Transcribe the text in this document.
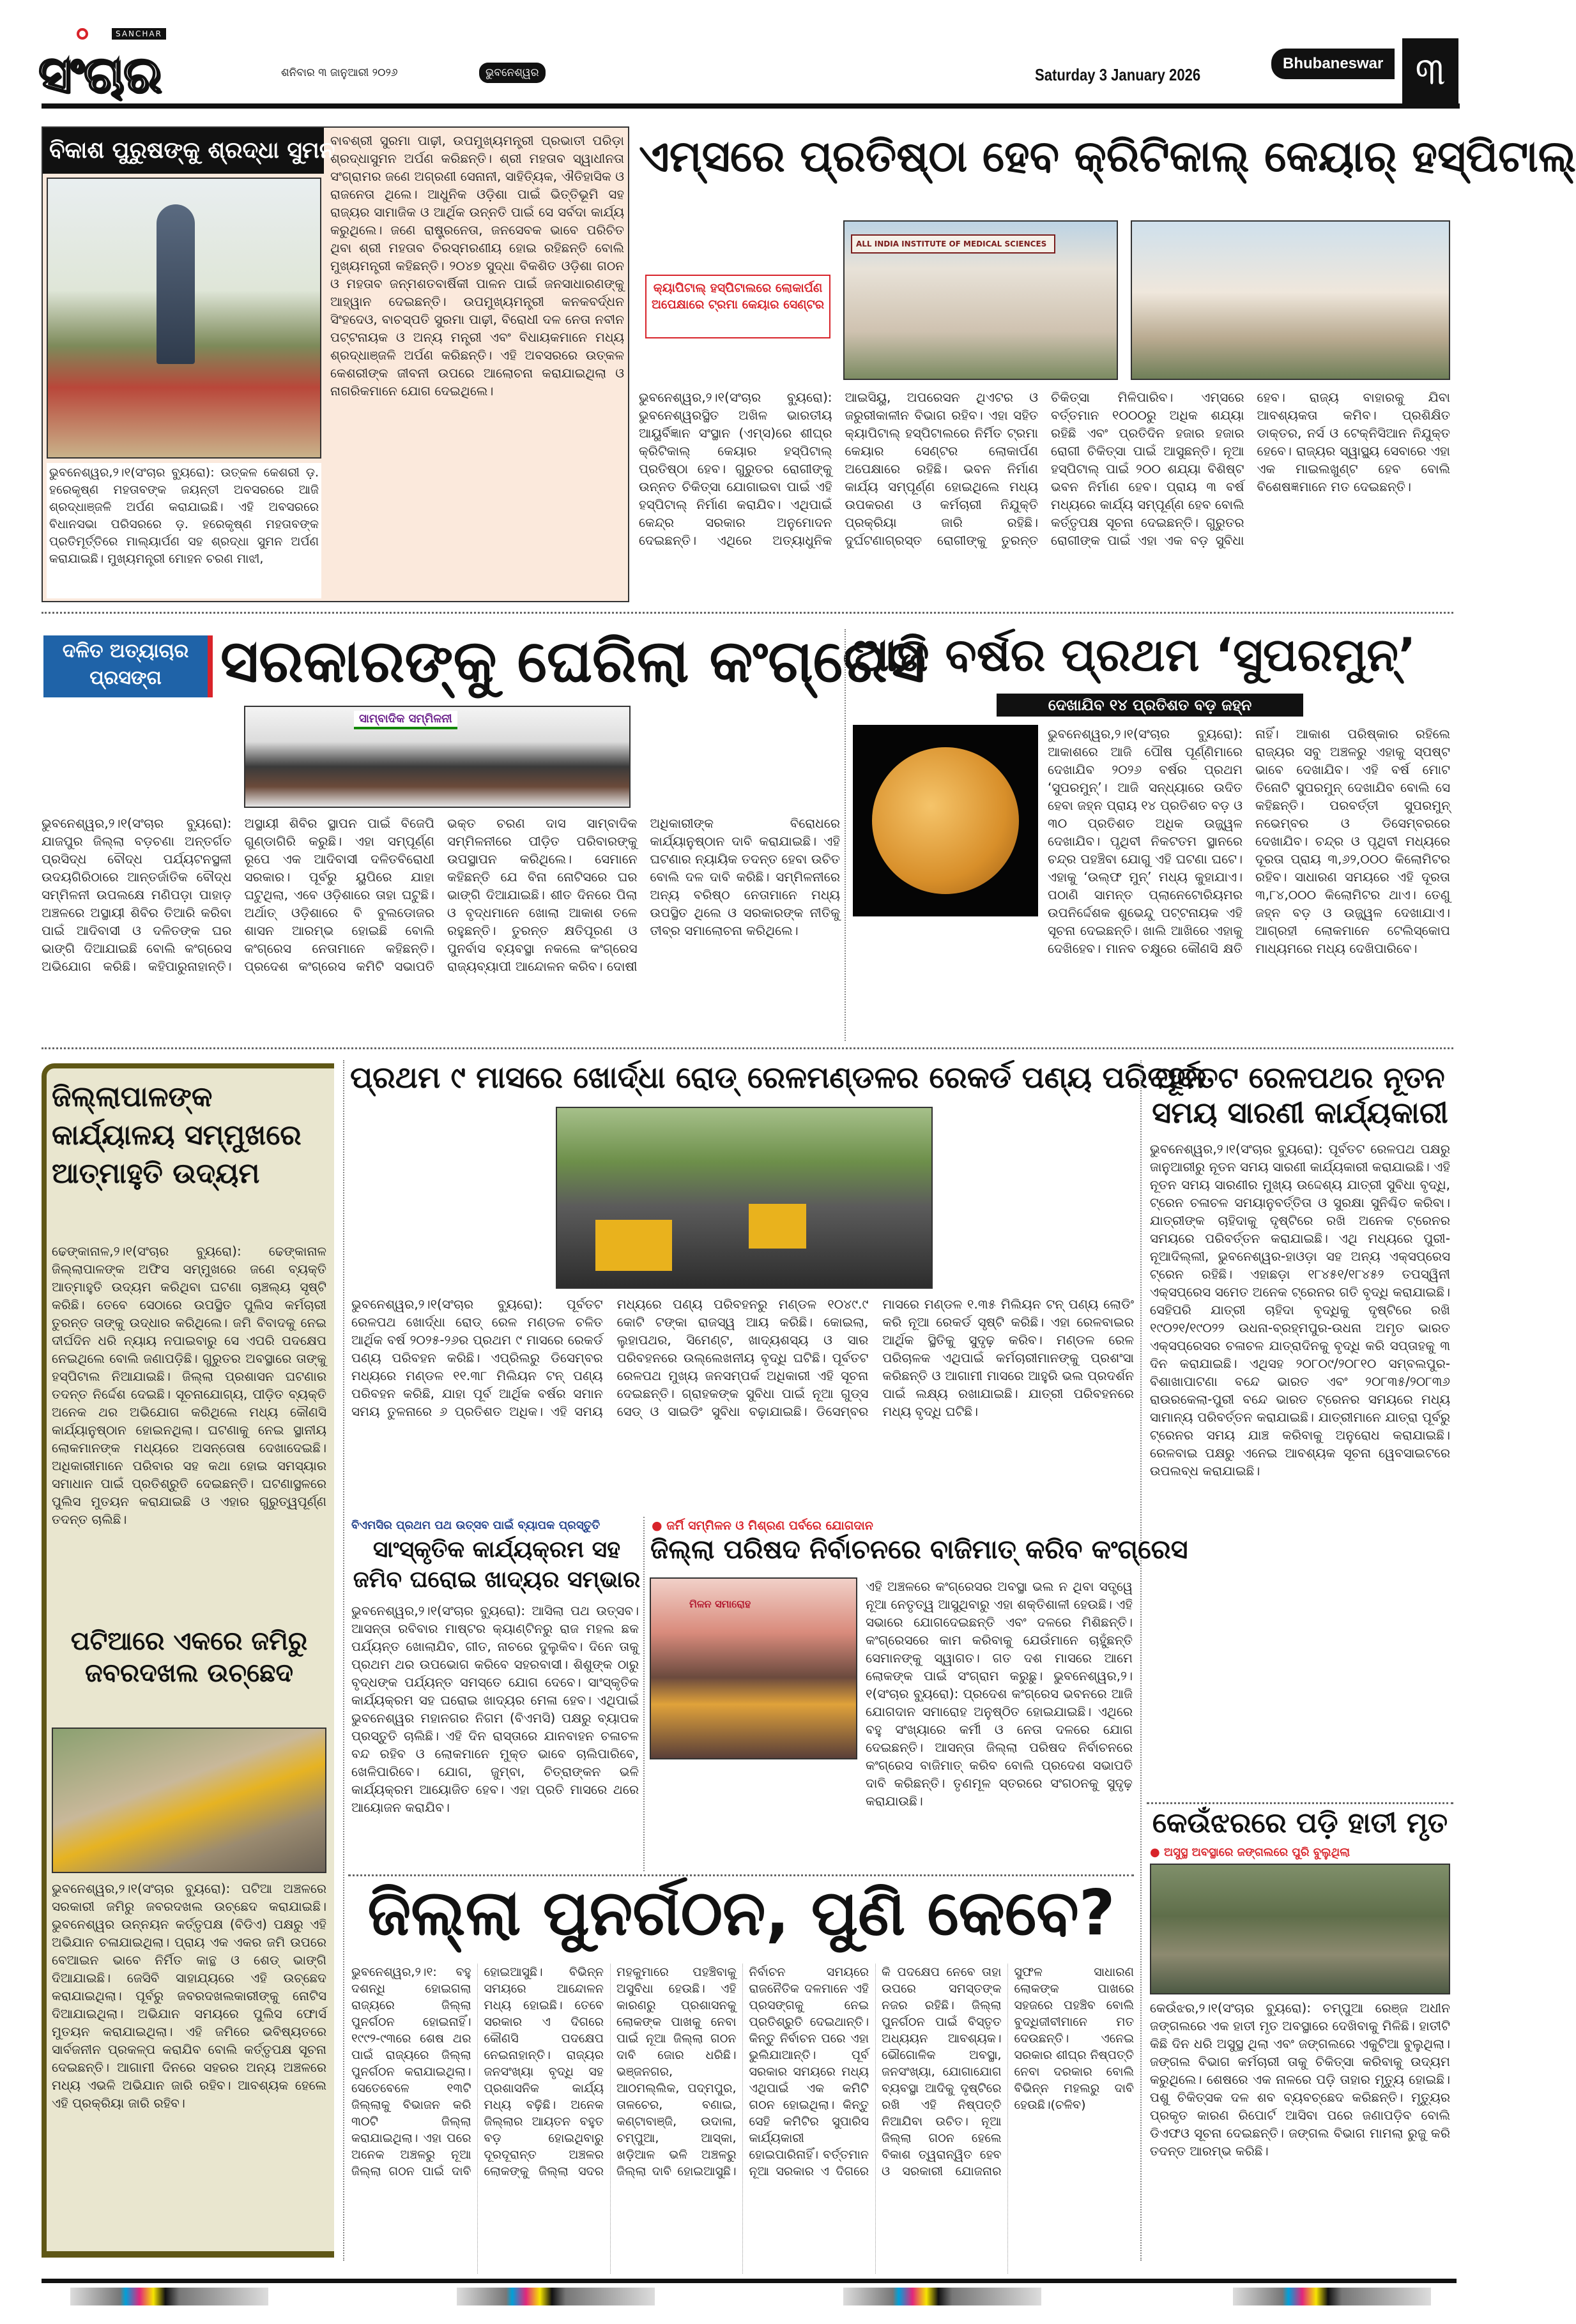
SANCHAR
ସଂଚାର	ଶନିବାର ୩ ଜାନୁଆରୀ ୨୦୨୬	ଭୁବନେଶ୍ୱର	Saturday 3 January 2026
Bhubaneswar ୩
ବିକାଶ ପୁରୁଷଙ୍କୁ ଶ୍ରଦ୍ଧା ସୁମନ
ଭୁବନେଶ୍ୱର,୨।୧(ସଂଚାର ବ୍ୟୁରୋ): ଉତ୍କଳ କେଶରୀ ଡ଼. ହରେକୃଷ୍ଣ ମହତାବଙ୍କ ଜୟନ୍ତୀ ଅବସରରେ ଆଜି ଶ୍ରଦ୍ଧାଞ୍ଜଳି ଅର୍ପଣ କରାଯାଇଛି। ଏହି ଅବସରରେ ବିଧାନସଭା ପରିସରରେ ଡ଼. ହରେକୃଷ୍ଣ ମହତାବଙ୍କ ପ୍ରତିମୂର୍ତ୍ତିରେ ମାଲ୍ୟାର୍ପଣ ସହ ଶ୍ରଦ୍ଧା ସୁମନ ଅର୍ପଣ କରାଯାଇଛି। ମୁଖ୍ୟମନ୍ତ୍ରୀ ମୋହନ ଚରଣ ମାଝୀ,
ବାବଶ୍ରୀ ସୁରମା ପାଢ଼ୀ, ଉପମୁଖ୍ୟମନ୍ତ୍ରୀ ପ୍ରଭାତୀ ପରିଡ଼ା ଶ୍ରଦ୍ଧାସୁମନ ଅର୍ପଣ କରିଛନ୍ତି। ଶ୍ରୀ ମହତାବ ସ୍ୱାଧୀନତା ସଂଗ୍ରାମର ଜଣେ ଅଗ୍ରଣୀ ସେନାନୀ, ସାହିତ୍ୟିକ, ଐତିହାସିକ ଓ ରାଜନେତା ଥିଲେ। ଆଧୁନିକ ଓଡ଼ିଶା ପାଇଁ ଭିତ୍ତିଭୂମି ସହ ରାଜ୍ୟର ସାମାଜିକ ଓ ଆର୍ଥିକ ଉନ୍ନତି ପାଇଁ ସେ ସର୍ବଦା କାର୍ଯ୍ୟ କରୁଥିଲେ। ଜଣେ ରାଷ୍ଟ୍ରନେତା, ଜନସେବକ ଭାବେ ପରିଚିତ ଥିବା ଶ୍ରୀ ମହତାବ ଚିରସ୍ମରଣୀୟ ହୋଇ ରହିଛନ୍ତି ବୋଲି ମୁଖ୍ୟମନ୍ତ୍ରୀ କହିଛନ୍ତି। ୨୦୪୭ ସୁଦ୍ଧା ବିକଶିତ ଓଡ଼ିଶା ଗଠନ ଓ ମହତାବ ଜନ୍ମଶତବାର୍ଷିକୀ ପାଳନ ପାଇଁ ଜନସାଧାରଣଙ୍କୁ ଆହ୍ୱାନ ଦେଇଛନ୍ତି। ଉପମୁଖ୍ୟମନ୍ତ୍ରୀ କନକବର୍ଦ୍ଧନ ସିଂହଦେଓ, ବାଚସ୍ପତି ସୁରମା ପାଢ଼ୀ, ବିରୋଧୀ ଦଳ ନେତା ନବୀନ ପଟ୍ଟନାୟକ ଓ ଅନ୍ୟ ମନ୍ତ୍ରୀ ଏବଂ ବିଧାୟକମାନେ ମଧ୍ୟ ଶ୍ରଦ୍ଧାଞ୍ଜଳି ଅର୍ପଣ କରିଛନ୍ତି। ଏହି ଅବସରରେ ଉତ୍କଳ କେଶରୀଙ୍କ ଜୀବନୀ ଉପରେ ଆଲୋଚନା କରାଯାଇଥିଲା ଓ ନାଗରିକମାନେ ଯୋଗ ଦେଇଥିଲେ।
ଏମ୍ସରେ ପ୍ରତିଷ୍ଠା ହେବ କ୍ରିଟିକାଲ୍ କେୟାର୍ ହସ୍ପିଟାଲ୍
କ୍ୟାପିଟାଲ୍ ହସ୍ପିଟାଲରେ ଲୋକାର୍ପଣ ଅପେକ୍ଷାରେ ଟ୍ରମା କେୟାର ସେଣ୍ଟର
ALL INDIA INSTITUTE OF MEDICAL SCIENCES
ଭୁବନେଶ୍ୱର,୨।୧(ସଂଚାର ବ୍ୟୁରୋ): ଭୁବନେଶ୍ୱରସ୍ଥିତ ଅଖିଳ ଭାରତୀୟ ଆୟୁର୍ବିଜ୍ଞାନ ସଂସ୍ଥାନ (ଏମ୍ସ)ରେ ଶୀଘ୍ର କ୍ରିଟିକାଲ୍ କେୟାର ହସ୍ପିଟାଲ୍ ପ୍ରତିଷ୍ଠା ହେବ। ଗୁରୁତର ରୋଗୀଙ୍କୁ ଉନ୍ନତ ଚିକିତ୍ସା ଯୋଗାଇବା ପାଇଁ ଏହି ହସ୍ପିଟାଲ୍ ନିର୍ମାଣ କରାଯିବ। ଏଥିପାଇଁ କେନ୍ଦ୍ର ସରକାର ଅନୁମୋଦନ ଦେଇଛନ୍ତି। ଏଥିରେ ଅତ୍ୟାଧୁନିକ ଆଇସିୟୁ, ଅପରେସନ ଥିଏଟର ଓ ଜରୁରୀକାଳୀନ ବିଭାଗ ରହିବ। ଏହା ସହିତ କ୍ୟାପିଟାଲ୍ ହସ୍ପିଟାଲରେ ନିର୍ମିତ ଟ୍ରମା କେୟାର ସେଣ୍ଟର ଲୋକାର୍ପଣ ଅପେକ୍ଷାରେ ରହିଛି। ଭବନ ନିର୍ମାଣ କାର୍ଯ୍ୟ ସମ୍ପୂର୍ଣ୍ଣ ହୋଇଥିଲେ ମଧ୍ୟ ଉପକରଣ ଓ କର୍ମଚାରୀ ନିଯୁକ୍ତି ପ୍ରକ୍ରିୟା ଜାରି ରହିଛି। ଦୁର୍ଘଟଣାଗ୍ରସ୍ତ ରୋଗୀଙ୍କୁ ତୁରନ୍ତ ଚିକିତ୍ସା ମିଳିପାରିବ। ଏମ୍ସରେ ବର୍ତ୍ତମାନ ୧୦୦୦ରୁ ଅଧିକ ଶଯ୍ୟା ରହିଛି ଏବଂ ପ୍ରତିଦିନ ହଜାର ହଜାର ରୋଗୀ ଚିକିତ୍ସା ପାଇଁ ଆସୁଛନ୍ତି। ନୂଆ ହସ୍ପିଟାଲ୍ ପାଇଁ ୨୦୦ ଶଯ୍ୟା ବିଶିଷ୍ଟ ଭବନ ନିର୍ମାଣ ହେବ। ପ୍ରାୟ ୩ ବର୍ଷ ମଧ୍ୟରେ କାର୍ଯ୍ୟ ସମ୍ପୂର୍ଣ୍ଣ ହେବ ବୋଲି କର୍ତ୍ତୃପକ୍ଷ ସୂଚନା ଦେଇଛନ୍ତି। ଗୁରୁତର ରୋଗୀଙ୍କ ପାଇଁ ଏହା ଏକ ବଡ଼ ସୁବିଧା ହେବ। ରାଜ୍ୟ ବାହାରକୁ ଯିବା ଆବଶ୍ୟକତା କମିବ। ପ୍ରଶିକ୍ଷିତ ଡାକ୍ତର, ନର୍ସ ଓ ଟେକ୍ନିସିଆନ ନିଯୁକ୍ତ ହେବେ। ରାଜ୍ୟର ସ୍ୱାସ୍ଥ୍ୟ ସେବାରେ ଏହା ଏକ ମାଇଲଖୁଣ୍ଟ ହେବ ବୋଲି ବିଶେଷଜ୍ଞମାନେ ମତ ଦେଇଛନ୍ତି।
ଦଳିତ ଅତ୍ୟାଚାର ପ୍ରସଙ୍ଗ	ସରକାରଙ୍କୁ ଘେରିଲା କଂଗ୍ରେସ
ସାମ୍ବାଦିକ ସମ୍ମିଳନୀ
ଭୁବନେଶ୍ୱର,୨।୧(ସଂଚାର ବ୍ୟୁରୋ): ଯାଜପୁର ଜିଲ୍ଲା ବଡ଼ଚଣା ଅନ୍ତର୍ଗତ ପ୍ରସିଦ୍ଧ ବୌଦ୍ଧ ପର୍ଯ୍ୟଟନସ୍ଥଳୀ ଉଦୟଗିରିଠାରେ ଆନ୍ତର୍ଜାତିକ ବୌଦ୍ଧ ସମ୍ମିଳନୀ ଉପଲକ୍ଷେ ମଣିପଡ଼ା ପାହାଡ଼ ଅଞ୍ଚଳରେ ଅସ୍ଥାୟୀ ଶିବିର ତିଆରି କରିବା ପାଇଁ ଆଦିବାସୀ ଓ ଦଳିତଙ୍କ ଘର ଭାଙ୍ଗି ଦିଆଯାଇଛି ବୋଲି କଂଗ୍ରେସ ଅଭିଯୋଗ କରିଛି। କହିପାରୁନାହାନ୍ତି। ଅସ୍ଥାୟୀ ଶିବିର ସ୍ଥାପନ ପାଇଁ ବିଜେପି ଗୁଣ୍ଡାଗିରି କରୁଛି। ଏହା ସମ୍ପୂର୍ଣ୍ଣ ରୂପେ ଏକ ଆଦିବାସୀ ଦଳିତବିରୋଧୀ ସରକାର। ପୂର୍ବରୁ ୟୁପିରେ ଯାହା ଘଟୁଥିଲା, ଏବେ ଓଡ଼ିଶାରେ ତାହା ଘଟୁଛି। ଅର୍ଥାତ୍ ଓଡ଼ିଶାରେ ବି ବୁଲଡୋଜର ଶାସନ ଆରମ୍ଭ ହୋଇଛି ବୋଲି କଂଗ୍ରେସ ନେତାମାନେ କହିଛନ୍ତି। ପ୍ରଦେଶ କଂଗ୍ରେସ କମିଟି ସଭାପତି ଭକ୍ତ ଚରଣ ଦାସ ସାମ୍ବାଦିକ ସମ୍ମିଳନୀରେ ପୀଡ଼ିତ ପରିବାରଙ୍କୁ ଉପସ୍ଥାପନ କରିଥିଲେ। ସେମାନେ କହିଛନ୍ତି ଯେ ବିନା ନୋଟିସରେ ଘର ଭାଙ୍ଗି ଦିଆଯାଇଛି। ଶୀତ ଦିନରେ ପିଲା ଓ ବୃଦ୍ଧମାନେ ଖୋଲା ଆକାଶ ତଳେ ରହୁଛନ୍ତି। ତୁରନ୍ତ କ୍ଷତିପୂରଣ ଓ ପୁନର୍ବାସ ବ୍ୟବସ୍ଥା ନକଲେ କଂଗ୍ରେସ ରାଜ୍ୟବ୍ୟାପୀ ଆନ୍ଦୋଳନ କରିବ। ଦୋଷୀ ଅଧିକାରୀଙ୍କ ବିରୋଧରେ କାର୍ଯ୍ୟାନୁଷ୍ଠାନ ଦାବି କରାଯାଇଛି। ଏହି ଘଟଣାର ନ୍ୟାୟିକ ତଦନ୍ତ ହେବା ଉଚିତ ବୋଲି ଦଳ ଦାବି କରିଛି। ସମ୍ମିଳନୀରେ ଅନ୍ୟ ବରିଷ୍ଠ ନେତାମାନେ ମଧ୍ୟ ଉପସ୍ଥିତ ଥିଲେ ଓ ସରକାରଙ୍କ ନୀତିକୁ ତୀବ୍ର ସମାଲୋଚନା କରିଥିଲେ।
ଆଜି ବର୍ଷର ପ୍ରଥମ ‘ସୁପରମୁନ୍’
ଦେଖାଯିବ ୧୪ ପ୍ରତିଶତ ବଡ଼ ଜହ୍ନ
ଭୁବନେଶ୍ୱର,୨।୧(ସଂଚାର ବ୍ୟୁରୋ): ଆକାଶରେ ଆଜି ପୌଷ ପୂର୍ଣ୍ଣିମାରେ ଦେଖାଯିବ ୨୦୨୬ ବର୍ଷର ପ୍ରଥମ ‘ସୁପରମୁନ୍’। ଆଜି ସନ୍ଧ୍ୟାରେ ଉଦିତ ହେବା ଜହ୍ନ ପ୍ରାୟ ୧୪ ପ୍ରତିଶତ ବଡ଼ ଓ ୩୦ ପ୍ରତିଶତ ଅଧିକ ଉଜ୍ଜ୍ୱଳ ଦେଖାଯିବ। ପୃଥିବୀ ନିକଟତମ ସ୍ଥାନରେ ଚନ୍ଦ୍ର ପହଞ୍ଚିବା ଯୋଗୁ ଏହି ଘଟଣା ଘଟେ। ଏହାକୁ ‘ଉଲ୍ଫ ମୁନ୍’ ମଧ୍ୟ କୁହାଯାଏ। ପଠାଣି ସାମନ୍ତ ପ୍ଲାନେଟୋରିୟମର ଉପନିର୍ଦ୍ଦେଶକ ଶୁଭେନ୍ଦୁ ପଟ୍ଟନାୟକ ଏହି ସୂଚନା ଦେଇଛନ୍ତି। ଖାଲି ଆଖିରେ ଏହାକୁ ଦେଖିହେବ। ମାନବ ଚକ୍ଷୁରେ କୌଣସି କ୍ଷତି ନାହିଁ। ଆକାଶ ପରିଷ୍କାର ରହିଲେ ରାଜ୍ୟର ସବୁ ଅଞ୍ଚଳରୁ ଏହାକୁ ସ୍ପଷ୍ଟ ଭାବେ ଦେଖାଯିବ। ଏହି ବର୍ଷ ମୋଟ ତିନୋଟି ସୁପରମୁନ୍ ଦେଖାଯିବ ବୋଲି ସେ କହିଛନ୍ତି। ପରବର୍ତ୍ତୀ ସୁପରମୁନ୍ ନଭେମ୍ବର ଓ ଡିସେମ୍ବରରେ ଦେଖାଯିବ। ଚନ୍ଦ୍ର ଓ ପୃଥିବୀ ମଧ୍ୟରେ ଦୂରତା ପ୍ରାୟ ୩,୬୨,୦୦୦ କିଲୋମିଟର ରହିବ। ସାଧାରଣ ସମୟରେ ଏହି ଦୂରତା ୩,୮୪,୦୦୦ କିଲୋମିଟର ଥାଏ। ତେଣୁ ଜହ୍ନ ବଡ଼ ଓ ଉଜ୍ଜ୍ୱଳ ଦେଖାଯାଏ। ଆଗ୍ରହୀ ଲୋକମାନେ ଟେଲିସ୍କୋପ ମାଧ୍ୟମରେ ମଧ୍ୟ ଦେଖିପାରିବେ।
ଜିଲ୍ଲାପାଳଙ୍କ କାର୍ଯ୍ୟାଳୟ ସମ୍ମୁଖରେ ଆତ୍ମାହୁତି ଉଦ୍ୟମ
ଢେଙ୍କାନାଳ,୨।୧(ସଂଚାର ବ୍ୟୁରୋ): ଢେଙ୍କାନାଳ ଜିଲ୍ଲାପାଳଙ୍କ ଅଫିସ ସମ୍ମୁଖରେ ଜଣେ ବ୍ୟକ୍ତି ଆତ୍ମାହୁତି ଉଦ୍ୟମ କରିଥିବା ଘଟଣା ଚାଞ୍ଚଲ୍ୟ ସୃଷ୍ଟି କରିଛି। ତେବେ ସେଠାରେ ଉପସ୍ଥିତ ପୁଲିସ କର୍ମଚାରୀ ତୁରନ୍ତ ତାଙ୍କୁ ଉଦ୍ଧାର କରିଥିଲେ। ଜମି ବିବାଦକୁ ନେଇ ଦୀର୍ଘଦିନ ଧରି ନ୍ୟାୟ ନପାଇବାରୁ ସେ ଏପରି ପଦକ୍ଷେପ ନେଇଥିଲେ ବୋଲି ଜଣାପଡ଼ିଛି। ଗୁରୁତର ଅବସ୍ଥାରେ ତାଙ୍କୁ ହସ୍ପିଟାଲ ନିଆଯାଇଛି। ଜିଲ୍ଲା ପ୍ରଶାସନ ଘଟଣାର ତଦନ୍ତ ନିର୍ଦ୍ଦେଶ ଦେଇଛି। ସୂଚନାଯୋଗ୍ୟ, ପୀଡ଼ିତ ବ୍ୟକ୍ତି ଅନେକ ଥର ଅଭିଯୋଗ କରିଥିଲେ ମଧ୍ୟ କୌଣସି କାର୍ଯ୍ୟାନୁଷ୍ଠାନ ହୋଇନଥିଲା। ଘଟଣାକୁ ନେଇ ସ୍ଥାନୀୟ ଲୋକମାନଙ୍କ ମଧ୍ୟରେ ଅସନ୍ତୋଷ ଦେଖାଦେଇଛି। ଅଧିକାରୀମାନେ ପରିବାର ସହ କଥା ହୋଇ ସମସ୍ୟାର ସମାଧାନ ପାଇଁ ପ୍ରତିଶ୍ରୁତି ଦେଇଛନ୍ତି। ଘଟଣାସ୍ଥଳରେ ପୁଲିସ ମୁତୟନ କରାଯାଇଛି ଓ ଏହାର ଗୁରୁତ୍ୱପୂର୍ଣ୍ଣ ତଦନ୍ତ ଚାଲିଛି।
ପଟିଆରେ ଏକରେ ଜମିରୁ ଜବରଦଖଲ ଉଚ୍ଛେଦ
ଭୁବନେଶ୍ୱର,୨।୧(ସଂଚାର ବ୍ୟୁରୋ): ପଟିଆ ଅଞ୍ଚଳରେ ସରକାରୀ ଜମିରୁ ଜବରଦଖଲ ଉଚ୍ଛେଦ କରାଯାଇଛି। ଭୁବନେଶ୍ୱର ଉନ୍ନୟନ କର୍ତ୍ତୃପକ୍ଷ (ବିଡିଏ) ପକ୍ଷରୁ ଏହି ଅଭିଯାନ ଚଳାଯାଇଥିଲା। ପ୍ରାୟ ଏକ ଏକର ଜମି ଉପରେ ବେଆଇନ ଭାବେ ନିର୍ମିତ କାନ୍ଥ ଓ ଶେଡ୍ ଭାଙ୍ଗି ଦିଆଯାଇଛି। ଜେସିବି ସାହାଯ୍ୟରେ ଏହି ଉଚ୍ଛେଦ କରାଯାଇଥିଲା। ପୂର୍ବରୁ ଜବରଦଖଲକାରୀଙ୍କୁ ନୋଟିସ ଦିଆଯାଇଥିଲା। ଅଭିଯାନ ସମୟରେ ପୁଲିସ ଫୋର୍ସ ମୁତୟନ କରାଯାଇଥିଲା। ଏହି ଜମିରେ ଭବିଷ୍ୟତରେ ସାର୍ବଜନୀନ ପ୍ରକଳ୍ପ କରାଯିବ ବୋଲି କର୍ତ୍ତୃପକ୍ଷ ସୂଚନା ଦେଇଛନ୍ତି। ଆଗାମୀ ଦିନରେ ସହରର ଅନ୍ୟ ଅଞ୍ଚଳରେ ମଧ୍ୟ ଏଭଳି ଅଭିଯାନ ଜାରି ରହିବ। ଆବଶ୍ୟକ ହେଲେ ଏହି ପ୍ରକ୍ରିୟା ଜାରି ରହିବ।
ପ୍ରଥମ ୯ ମାସରେ ଖୋର୍ଦ୍ଧା ରୋଡ୍ ରେଳମଣ୍ଡଳର ରେକର୍ଡ ପଣ୍ୟ ପରିବହନ
ଭୁବନେଶ୍ୱର,୨।୧(ସଂଚାର ବ୍ୟୁରୋ): ପୂର୍ବତଟ ରେଳପଥ ଖୋର୍ଦ୍ଧା ରୋଡ୍ ରେଳ ମଣ୍ଡଳ ଚଳିତ ଆର୍ଥିକ ବର୍ଷ ୨୦୨୫-୨୬ର ପ୍ରଥମ ୯ ମାସରେ ରେକର୍ଡ ପଣ୍ୟ ପରିବହନ କରିଛି। ଏପ୍ରିଲରୁ ଡିସେମ୍ବର ମଧ୍ୟରେ ମଣ୍ଡଳ ୧୧.୩୮ ମିଲିୟନ ଟନ୍ ପଣ୍ୟ ପରିବହନ କରିଛି, ଯାହା ପୂର୍ବ ଆର୍ଥିକ ବର୍ଷର ସମାନ ସମୟ ତୁଳନାରେ ୬ ପ୍ରତିଶତ ଅଧିକ। ଏହି ସମୟ ମଧ୍ୟରେ ପଣ୍ୟ ପରିବହନରୁ ମଣ୍ଡଳ ୧୦୪୯.୯ କୋଟି ଟଙ୍କା ରାଜସ୍ୱ ଆୟ କରିଛି। କୋଇଲା, ଲୁହାପଥର, ସିମେଣ୍ଟ, ଖାଦ୍ୟଶସ୍ୟ ଓ ସାର ପରିବହନରେ ଉଲ୍ଲେଖନୀୟ ବୃଦ୍ଧି ଘଟିଛି। ପୂର୍ବତଟ ରେଳପଥ ମୁଖ୍ୟ ଜନସମ୍ପର୍କ ଅଧିକାରୀ ଏହି ସୂଚନା ଦେଇଛନ୍ତି। ଗ୍ରାହକଙ୍କ ସୁବିଧା ପାଇଁ ନୂଆ ଗୁଡ୍ସ ସେଡ୍ ଓ ସାଇଡିଂ ସୁବିଧା ବଢ଼ାଯାଇଛି। ଡିସେମ୍ବର ମାସରେ ମଣ୍ଡଳ ୧.୩୫ ମିଲିୟନ ଟନ୍ ପଣ୍ୟ ଲୋଡିଂ କରି ନୂଆ ରେକର୍ଡ ସୃଷ୍ଟି କରିଛି। ଏହା ରେଳବାଇର ଆର୍ଥିକ ସ୍ଥିତିକୁ ସୁଦୃଢ଼ କରିବ। ମଣ୍ଡଳ ରେଳ ପରିଚାଳକ ଏଥିପାଇଁ କର୍ମଚାରୀମାନଙ୍କୁ ପ୍ରଶଂସା କରିଛନ୍ତି ଓ ଆଗାମୀ ମାସରେ ଆହୁରି ଭଲ ପ୍ରଦର୍ଶନ ପାଇଁ ଲକ୍ଷ୍ୟ ରଖାଯାଇଛି। ଯାତ୍ରୀ ପରିବହନରେ ମଧ୍ୟ ବୃଦ୍ଧି ଘଟିଛି।
ବିଏମସିର ପ୍ରଥମ ପଥ ଉତ୍ସବ ପାଇଁ ବ୍ୟାପକ ପ୍ରସ୍ତୁତି
ସାଂସ୍କୃତିକ କାର୍ଯ୍ୟକ୍ରମ ସହ
ଜମିବ ଘରୋଇ ଖାଦ୍ୟର ସମ୍ଭାର
ଭୁବନେଶ୍ୱର,୨।୧(ସଂଚାର ବ୍ୟୁରୋ): ଆସିଲା ପଥ ଉତ୍ସବ। ଆସନ୍ତା ରବିବାର ମାଷ୍ଟର କ୍ୟାଣ୍ଟିନରୁ ରାଜ ମହଲ ଛକ ପର୍ଯ୍ୟନ୍ତ ଖୋଲାଯିବ, ଗୀତ, ନାଚରେ ଦୁଲୁକିବ। ଦିନେ ତାକୁ ପ୍ରଥମ ଥର ଉପଭୋଗ କରିବେ ସହରବାସୀ। ଶିଶୁଙ୍କ ଠାରୁ ବୃଦ୍ଧଙ୍କ ପର୍ଯ୍ୟନ୍ତ ସମସ୍ତେ ଯୋଗ ଦେବେ। ସାଂସ୍କୃତିକ କାର୍ଯ୍ୟକ୍ରମ ସହ ଘରୋଇ ଖାଦ୍ୟର ମେଳା ହେବ। ଏଥିପାଇଁ ଭୁବନେଶ୍ୱର ମହାନଗର ନିଗମ (ବିଏମସି) ପକ୍ଷରୁ ବ୍ୟାପକ ପ୍ରସ୍ତୁତି ଚାଲିଛି। ଏହି ଦିନ ରାସ୍ତାରେ ଯାନବାହନ ଚଳାଚଳ ବନ୍ଦ ରହିବ ଓ ଲୋକମାନେ ମୁକ୍ତ ଭାବେ ଚାଲିପାରିବେ, ଖେଳିପାରିବେ। ଯୋଗ, ଜୁମ୍ବା, ଚିତ୍ରାଙ୍କନ ଭଳି କାର୍ଯ୍ୟକ୍ରମ ଆୟୋଜିତ ହେବ। ଏହା ପ୍ରତି ମାସରେ ଥରେ ଆୟୋଜନ କରାଯିବ।
● ଜର୍ମି ସମ୍ମିଳନ ଓ ମିଶ୍ରଣ ପର୍ବରେ ଯୋଗଦାନ
ଜିଲ୍ଲା ପରିଷଦ ନିର୍ବାଚନରେ ବାଜିମାତ୍ କରିବ କଂଗ୍ରେସ
ମିଳନ ସମାରୋହ
ଏହି ଅଞ୍ଚଳରେ କଂଗ୍ରେସର ଅବସ୍ଥା ଭଲ ନ ଥିବା ସତ୍ତ୍ୱେ ନୂଆ ନେତୃତ୍ୱ ଆସୁଥିବାରୁ ଏହା ଶକ୍ତିଶାଳୀ ହେଉଛି। ଏହି ସଭାରେ ଯୋଗଦେଇଛନ୍ତି ଏବଂ ଦଳରେ ମିଶିଛନ୍ତି। କଂଗ୍ରେସରେ କାମ କରିବାକୁ ଯେଉଁମାନେ ଚାହୁଁଛନ୍ତି ସେମାନଙ୍କୁ ସ୍ୱାଗତ। ଗତ ଦଶ ମାସରେ ଆମେ ଲୋକଙ୍କ ପାଇଁ ସଂଗ୍ରାମ କରୁଛୁ। ଭୁବନେଶ୍ୱର,୨।୧(ସଂଚାର ବ୍ୟୁରୋ): ପ୍ରଦେଶ କଂଗ୍ରେସ ଭବନରେ ଆଜି ଯୋଗଦାନ ସମାରୋହ ଅନୁଷ୍ଠିତ ହୋଇଯାଇଛି। ଏଥିରେ ବହୁ ସଂଖ୍ୟାରେ କର୍ମୀ ଓ ନେତା ଦଳରେ ଯୋଗ ଦେଇଛନ୍ତି। ଆସନ୍ତା ଜିଲ୍ଲା ପରିଷଦ ନିର୍ବାଚନରେ କଂଗ୍ରେସ ବାଜିମାତ୍ କରିବ ବୋଲି ପ୍ରଦେଶ ସଭାପତି ଦାବି କରିଛନ୍ତି। ତୃଣମୂଳ ସ୍ତରରେ ସଂଗଠନକୁ ସୁଦୃଢ଼ କରାଯାଉଛି।
ଜିଲ୍ଲା ପୁନର୍ଗଠନ, ପୁଣି କେବେ?
ଭୁବନେଶ୍ୱର,୨।୧: ବହୁ ଦଶନ୍ଧି ହୋଇଗଲା ରାଜ୍ୟରେ ଜିଲ୍ଲା ପୁନର୍ଗଠନ ହୋଇନାହିଁ। ୧୯୯୨-୯୩ରେ ଶେଷ ଥର ପାଇଁ ରାଜ୍ୟରେ ଜିଲ୍ଲା ପୁନର୍ଗଠନ କରାଯାଇଥିଲା। ସେତେବେଳେ ୧୩ଟି ଜିଲ୍ଲାକୁ ବିଭାଜନ କରି ୩୦ଟି ଜିଲ୍ଲା କରାଯାଇଥିଲା। ଏହା ପରେ ଅନେକ ଅଞ୍ଚଳରୁ ନୂଆ ଜିଲ୍ଲା ଗଠନ ପାଇଁ ଦାବି ହୋଇଆସୁଛି। ବିଭିନ୍ନ ସମୟରେ ଆନ୍ଦୋଳନ ମଧ୍ୟ ହୋଇଛି। ତେବେ ସରକାର ଏ ଦିଗରେ କୌଣସି ପଦକ୍ଷେପ ନେଇନାହାନ୍ତି। ରାଜ୍ୟର ଜନସଂଖ୍ୟା ବୃଦ୍ଧି ସହ ପ୍ରଶାସନିକ କାର୍ଯ୍ୟ ମଧ୍ୟ ବଢ଼ିଛି। ଅନେକ ଜିଲ୍ଲାର ଆୟତନ ବହୁତ ବଡ଼ ହୋଇଥିବାରୁ ଦୂରଦୂରାନ୍ତ ଅଞ୍ଚଳର ଲୋକଙ୍କୁ ଜିଲ୍ଲା ସଦର ମହକୁମାରେ ପହଞ୍ଚିବାକୁ ଅସୁବିଧା ହେଉଛି। ଏହି କାରଣରୁ ପ୍ରଶାସନକୁ ଲୋକଙ୍କ ପାଖକୁ ନେବା ପାଇଁ ନୂଆ ଜିଲ୍ଲା ଗଠନ ଦାବି ଜୋର ଧରିଛି। ଭଞ୍ଜନଗର, ଆଠମଲ୍ଲିକ, ପଦ୍ମପୁର, ତାଳଚେର, ବଣାଇ, କଣ୍ଟାବାଞ୍ଜି, ଉଦାଳା, ଚମ୍ପୁଆ, ଆସ୍କା, ଖଡ଼ିଆଳ ଭଳି ଅଞ୍ଚଳରୁ ଜିଲ୍ଲା ଦାବି ହୋଇଆସୁଛି। ନିର୍ବାଚନ ସମୟରେ ରାଜନୈତିକ ଦଳମାନେ ଏହି ପ୍ରସଙ୍ଗକୁ ନେଇ ପ୍ରତିଶ୍ରୁତି ଦେଇଥାନ୍ତି। କିନ୍ତୁ ନିର୍ବାଚନ ପରେ ଏହା ଭୁଲିଯାଆନ୍ତି। ପୂର୍ବ ସରକାର ସମୟରେ ମଧ୍ୟ ଏଥିପାଇଁ ଏକ କମିଟି ଗଠନ ହୋଇଥିଲା। କିନ୍ତୁ ସେହି କମିଟିର ସୁପାରିସ କାର୍ଯ୍ୟକାରୀ ହୋଇପାରିନାହିଁ। ବର୍ତ୍ତମାନ ନୂଆ ସରକାର ଏ ଦିଗରେ କି ପଦକ୍ଷେପ ନେବେ ତାହା ଉପରେ ସମସ୍ତଙ୍କ ନଜର ରହିଛି। ଜିଲ୍ଲା ପୁନର୍ଗଠନ ପାଇଁ ବିସ୍ତୃତ ଅଧ୍ୟୟନ ଆବଶ୍ୟକ। ଭୌଗୋଳିକ ଅବସ୍ଥା, ଜନସଂଖ୍ୟା, ଯୋଗାଯୋଗ ବ୍ୟବସ୍ଥା ଆଦିକୁ ଦୃଷ୍ଟିରେ ରଖି ଏହି ନିଷ୍ପତ୍ତି ନିଆଯିବା ଉଚିତ। ନୂଆ ଜିଲ୍ଲା ଗଠନ ହେଲେ ବିକାଶ ତ୍ୱରାନ୍ୱିତ ହେବ ଓ ସରକାରୀ ଯୋଜନାର ସୁଫଳ ସାଧାରଣ ଲୋକଙ୍କ ପାଖରେ ସହଜରେ ପହଞ୍ଚିବ ବୋଲି ବୁଦ୍ଧିଜୀବୀମାନେ ମତ ଦେଉଛନ୍ତି। ଏନେଇ ସରକାର ଶୀଘ୍ର ନିଷ୍ପତ୍ତି ନେବା ଦରକାର ବୋଲି ବିଭିନ୍ନ ମହଲରୁ ଦାବି ହେଉଛି।(ଚଳିବ)
ପୂର୍ବତଟ ରେଳପଥର ନୂତନ
ସମୟ ସାରଣୀ କାର୍ଯ୍ୟକାରୀ
ଭୁବନେଶ୍ୱର,୨।୧(ସଂଚାର ବ୍ୟୁରୋ): ପୂର୍ବତଟ ରେଳପଥ ପକ୍ଷରୁ ଜାନୁଆରୀରୁ ନୂତନ ସମୟ ସାରଣୀ କାର୍ଯ୍ୟକାରୀ କରାଯାଇଛି। ଏହି ନୂତନ ସମୟ ସାରଣୀର ମୁଖ୍ୟ ଉଦ୍ଦେଶ୍ୟ ଯାତ୍ରୀ ସୁବିଧା ବୃଦ୍ଧି, ଟ୍ରେନ ଚଳାଚଳ ସମୟାନୁବର୍ତ୍ତିତା ଓ ସୁରକ୍ଷା ସୁନିଶ୍ଚିତ କରିବା। ଯାତ୍ରୀଙ୍କ ଚାହିଦାକୁ ଦୃଷ୍ଟିରେ ରଖି ଅନେକ ଟ୍ରେନର ସମୟରେ ପରିବର୍ତ୍ତନ କରାଯାଇଛି। ଏଥି ମଧ୍ୟରେ ପୁରୀ-ନୂଆଦିଲ୍ଲୀ, ଭୁବନେଶ୍ୱର-ହାଓଡ଼ା ସହ ଅନ୍ୟ ଏକ୍ସପ୍ରେସ ଟ୍ରେନ ରହିଛି। ଏହାଛଡ଼ା ୧୮୪୫୧/୧୮୪୫୨ ତପସ୍ୱିନୀ ଏକ୍ସପ୍ରେସ ସମେତ ଅନେକ ଟ୍ରେନର ଗତି ବୃଦ୍ଧି କରାଯାଇଛି। ସେହିପରି ଯାତ୍ରୀ ଚାହିଦା ବୃଦ୍ଧିକୁ ଦୃଷ୍ଟିରେ ରଖି ୧୯୦୨୧/୧୯୦୨୨ ଉଧନା-ବ୍ରହ୍ମପୁର-ଉଧନା ଅମୃତ ଭାରତ ଏକ୍ସପ୍ରେସର ଚଳାଚଳ ଯାତ୍ରାଦିନକୁ ବୃଦ୍ଧି କରି ସପ୍ତାହକୁ ୩ ଦିନ କରାଯାଇଛି। ଏଥିସହ ୨୦୮୦୯/୨୦୮୧୦ ସମ୍ବଲପୁର-ବିଶାଖାପାଟଣା ବନ୍ଦେ ଭାରତ ଏବଂ ୨୦୮୩୫/୨୦୮୩୬ ରାଉରକେଲା-ପୁରୀ ବନ୍ଦେ ଭାରତ ଟ୍ରେନର ସମୟରେ ମଧ୍ୟ ସାମାନ୍ୟ ପରିବର୍ତ୍ତନ କରାଯାଇଛି। ଯାତ୍ରୀମାନେ ଯାତ୍ରା ପୂର୍ବରୁ ଟ୍ରେନର ସମୟ ଯାଞ୍ଚ କରିବାକୁ ଅନୁରୋଧ କରାଯାଇଛି। ରେଳବାଇ ପକ୍ଷରୁ ଏନେଇ ଆବଶ୍ୟକ ସୂଚନା ୱେବସାଇଟରେ ଉପଲବ୍ଧ କରାଯାଇଛି।
କେଉଁଝରରେ ପଡ଼ି ହାତୀ ମୃତ
● ଅସୁସ୍ଥ ଅବସ୍ଥାରେ ଜଙ୍ଗଲରେ ପୁରି ବୁଲୁଥିଲା
କେଉଁଝର,୨।୧(ସଂଚାର ବ୍ୟୁରୋ): ଚମ୍ପୁଆ ରେଞ୍ଜ ଅଧୀନ ଜଙ୍ଗଲରେ ଏକ ହାତୀ ମୃତ ଅବସ୍ଥାରେ ଦେଖିବାକୁ ମିଳିଛି। ହାତୀଟି କିଛି ଦିନ ଧରି ଅସୁସ୍ଥ ଥିଲା ଏବଂ ଜଙ୍ଗଲରେ ଏକୁଟିଆ ବୁଲୁଥିଲା। ଜଙ୍ଗଲ ବିଭାଗ କର୍ମଚାରୀ ତାକୁ ଚିକିତ୍ସା କରିବାକୁ ଉଦ୍ୟମ କରୁଥିଲେ। ଶେଷରେ ଏକ ନାଳରେ ପଡ଼ି ତାହାର ମୃତ୍ୟୁ ହୋଇଛି। ପଶୁ ଚିକିତ୍ସକ ଦଳ ଶବ ବ୍ୟବଚ୍ଛେଦ କରିଛନ୍ତି। ମୃତ୍ୟୁର ପ୍ରକୃତ କାରଣ ରିପୋର୍ଟ ଆସିବା ପରେ ଜଣାପଡ଼ିବ ବୋଲି ଡିଏଫଓ ସୂଚନା ଦେଇଛନ୍ତି। ଜଙ୍ଗଲ ବିଭାଗ ମାମଲା ରୁଜୁ କରି ତଦନ୍ତ ଆରମ୍ଭ କରିଛି।
